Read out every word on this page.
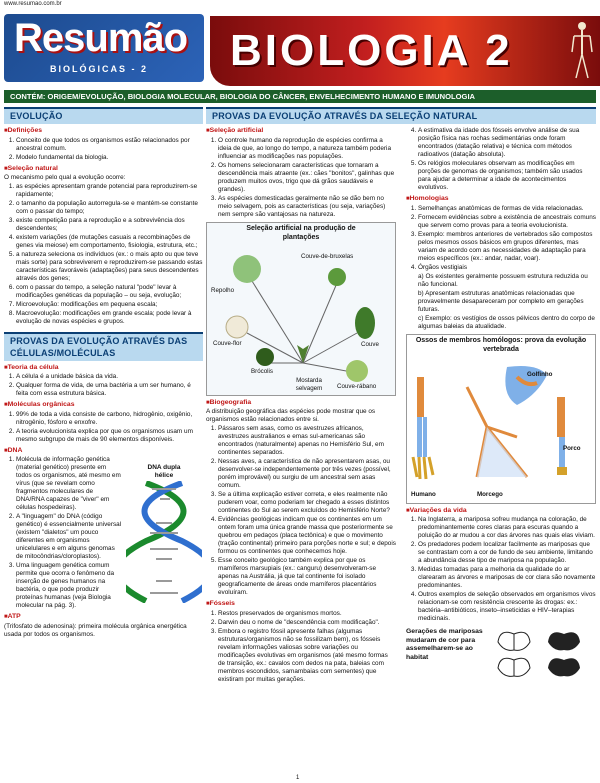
www.resumao.com.br
Resumão
BIOLÓGICAS - 2 BIOLOGIA 2
CONTÉM: ORIGEM/EVOLUÇÃO, BIOLOGIA MOLECULAR, BIOLOGIA DO CÂNCER, ENVELHECIMENTO HUMANO E IMUNOLOGIA
EVOLUÇÃO
■ Definições
1. Conceito de que todos os organismos estão relacionados por ancestral comum.
2. Modelo fundamental da biologia.
■ Seleção natural

O mecanismo pelo qual a evolução ocorre:

1. as espécies apresentam grande potencial para reproduzirem-se rapidamente;
2. o tamanho da população autorregula-se e mantém-se constante com o passar do tempo;
3. existe competição para a reprodução e a sobrevivência dos descendentes;
4. existem variações (de mutações casuais a recombinações de genes via meiose) em comportamento, fisiologia, estrutura, etc.;
5. a natureza seleciona os indivíduos (ex.: o mais apto ou que teve mais sorte) para sobreviverem e reproduzirem-se passando estas características favoráveis (adaptações) para seus descendentes através dos genes;
6. com o passar do tempo, a seleção natural "pode" levar à modificações genéticas da população – ou seja, evolução;
7. Microevolução: modificações em pequena escala;
8. Macroevolução: modificações em grande escala; pode levar à evolução de novas espécies e grupos.
PROVAS DA EVOLUÇÃO ATRAVÉS DAS CÉLULAS/MOLÉCULAS
■ Teoria da célula
1. A célula é a unidade básica da vida.
2. Qualquer forma de vida, de uma bactéria a um ser humano, é feita com essa estrutura básica.
■ Moléculas orgânicas
1. 99% de toda a vida consiste de carbono, hidrogênio, oxigênio, nitrogênio, fósforo e enxofre.
2. A teoria evolucionista explica por que os organismos usam um mesmo subgrupo de mais de 90 elementos disponíveis.
■ DNA
1. Molécula de informação genética (material genético) presente em todos os organismos, até mesmo em vírus (que se revelam como fragmentos moleculares de DNA/RNA capazes de "viver" em células hospedeiras).
2. A "linguagem" do DNA (código genético) é essencialmente universal (existem "dialetos" um pouco diferentes em organismos unicelulares e em alguns genomas de mitocôndrias/cloroplastos).
3. Uma linguagem genética comum permite que ocorra o fenômeno da inserção de genes humanos na bactéria, o que pode produzir proteínas humanas (veja Biologia molecular na pág. 3).
DNA dupla hélice
■ ATP

(Trifosfato de adenosina): primeira molécula orgânica energética usada por todos os organismos.

PROVAS DA EVOLUÇÃO ATRAVÉS DA SELEÇÃO NATURAL
■ Seleção artificial
1. O controle humano da reprodução de espécies confirma a ideia de que, ao longo do tempo, a natureza também poderia influenciar as modificações nas populações.
2. Os homens selecionaram características que tornaram a descendência mais atraente (ex.: cães "bonitos", galinhas que produzem muitos ovos, trigo que dá grãos saudáveis e grandes).
3. As espécies domesticadas geralmente não se dão bem no meio selvagem, pois as características (ou seja, variações) nem sempre são vantajosas na natureza.
Seleção artificial na produção de plantações
Repolho
Couve-de-bruxelas
Couve-flor	Couve
Brócolis
Mostarda selvagem	Couve-rábano
■ Biogeografia

A distribuição geográfica das espécies pode mostrar que os organismos estão relacionados entre si.

1. Pássaros sem asas, como os avestruzes africanos, avestruzes australianos e emas sul-americanas são encontrados (naturalmente) apenas no Hemisfério Sul, em continentes separados.
2. Nessas aves, a característica de não apresentarem asas, ou desenvolver-se independentemente por três vezes (possível, porém improvável) ou surgiu de um ancestral sem asas comum.
3. Se a última explicação estiver correta, e eles realmente não puderem voar, como poderiam ter chegado a esses distintos continentes do Sul ao serem excluídos do Hemisfério Norte?
4. Evidências geológicas indicam que os continentes em um ontem foram uma única grande massa que posteriormente se quebrou em pedaços (placa tectônica) e que o movimento (tração continental) primeiro para porções norte e sul; e depois formou os continentes que conhecemos hoje.
5. Esse conceito geológico também explica por que os mamíferos marsupiais (ex.: canguru) desenvolveram-se apenas na Austrália, já que tal continente foi isolado geograficamente de áreas onde mamíferos placentários evoluíram.
■ Fósseis
1. Restos preservados de organismos mortos.
2. Darwin deu o nome de "descendência com modificação".
3. Embora o registro fóssil apresente falhas (algumas estruturas/organismos não se fossilizam bem), os fósseis revelam informações valiosas sobre variações ou modificações evolutivas em organismos (até mesmo formas de transição, ex.: cavalos com dedos na pata, baleias com membros escondidos, samambaias com sementes) que existiram por muitas gerações.
4. A estimativa da idade dos fósseis envolve análise de sua posição física nas rochas sedimentárias onde foram encontrados (datação relativa) e técnica com métodos radioativos (datação absoluta).
5. Os relógios moleculares observam as modificações em porções de genomas de organismos; também são usados para ajudar a determinar a idade de acontecimentos evolutivos.
■ Homologias
1. Semelhanças anatômicas de formas de vida relacionadas.
2. Fornecem evidências sobre a existência de ancestrais comuns que servem como provas para a teoria evolucionista.
3. Exemplo: membros anteriores de vertebrados são compostos pelos mesmos ossos básicos em grupos diferentes, mas variam de acordo com as necessidades de adaptação para meios específicos (ex.: andar, nadar, voar).
4. Órgãos vestigiais

a) Os existentes geralmente possuem estrutura reduzida ou não funcional.

b) Apresentam estruturas anatômicas relacionadas que provavelmente desapareceram por completo em gerações futuras.

c) Exemplo: os vestígios de ossos pélvicos dentro do corpo de algumas baleias da atualidade.

Ossos de membros homólogos: prova da evolução vertebrada
Golfinho
Porco
Humano	Morcego
■ Variações da vida
1. Na Inglaterra, a mariposa sofreu mudança na coloração, de predominantemente cores claras para escuras quando a poluição do ar mudou a cor das árvores nas quais elas viviam.
2. Os predadores podem localizar facilmente as mariposas que se contrastam com a cor de fundo de seu ambiente, limitando a abundância desse tipo de mariposa na população.
3. Medidas tomadas para a melhoria da qualidade do ar clarearam as árvores e mariposas de cor clara são novamente predominantes.
4. Outros exemplos de seleção observados em organismos vivos relacionam-se com resistência crescente às drogas: ex.: bactéria–antibióticos, inseto–inseticidas e HIV–terapias medicinais.
Gerações de mariposas mudaram de cor para assemelharem-se ao habitat
1
